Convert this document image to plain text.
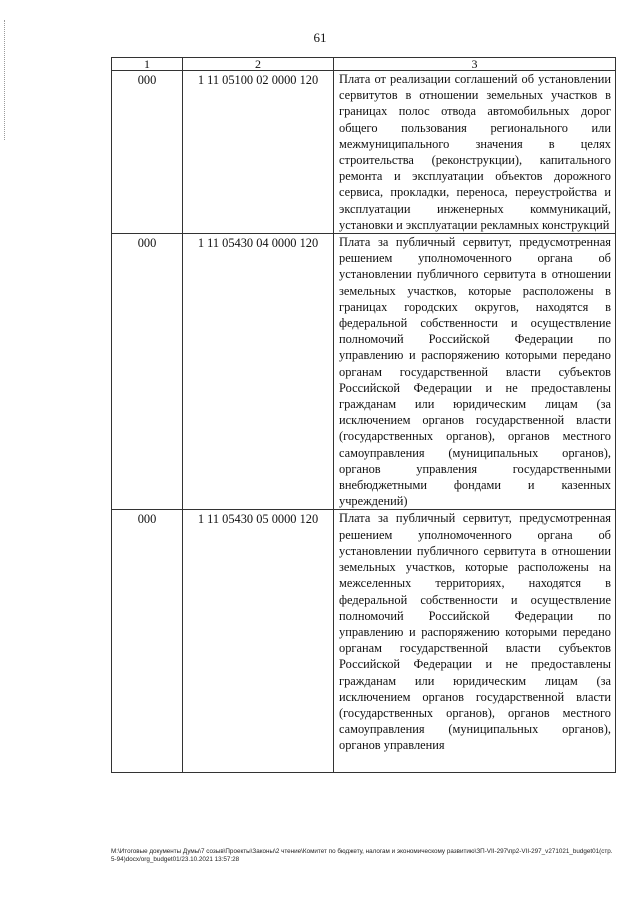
61
1	2	3
000	1 11 05100 02 0000 120	Плата от реализации соглашений об установлении сервитутов в отношении земельных участков в границах полос отвода автомобильных дорог общего пользования регионального или межмуниципального значения в целях строительства (реконструкции), капитального ремонта и эксплуатации объектов дорожного сервиса, прокладки, переноса, переустройства и эксплуатации инженерных коммуникаций, установки и эксплуатации рекламных конструкций
000	1 11 05430 04 0000 120	Плата за публичный сервитут, предусмотренная решением уполномоченного органа об установлении публичного сервитута в отношении земельных участков, которые расположены в границах городских округов, находятся в федеральной собственности и осуществление полномочий Российской Федерации по управлению и распоряжению которыми передано органам государственной власти субъектов Российской Федерации и не предоставлены гражданам или юридическим лицам (за исключением органов государственной власти (государственных органов), органов местного самоуправления (муниципальных органов), органов управления государственными внебюджетными фондами и казенных учреждений)
000	1 11 05430 05 0000 120	Плата за публичный сервитут, предусмотренная решением уполномоченного органа об установлении публичного сервитута в отношении земельных участков, которые расположены на межселенных территориях, находятся в федеральной собственности и осуществление полномочий Российской Федерации по управлению и распоряжению которыми передано органам государственной власти субъектов Российской Федерации и не предоставлены гражданам или юридическим лицам (за исключением органов государственной власти (государственных органов), органов местного самоуправления (муниципальных органов), органов управления
M:\Итоговые документы Думы\7 созыв\Проекты\Законы\2 чтение\Комитет по бюджету, налогам и экономическому развитию\ЗП-VII-297\пр2-VII-297_v271021_budget01(стр. 5-94)docx/org_budget01/23.10.2021 13:57:28
